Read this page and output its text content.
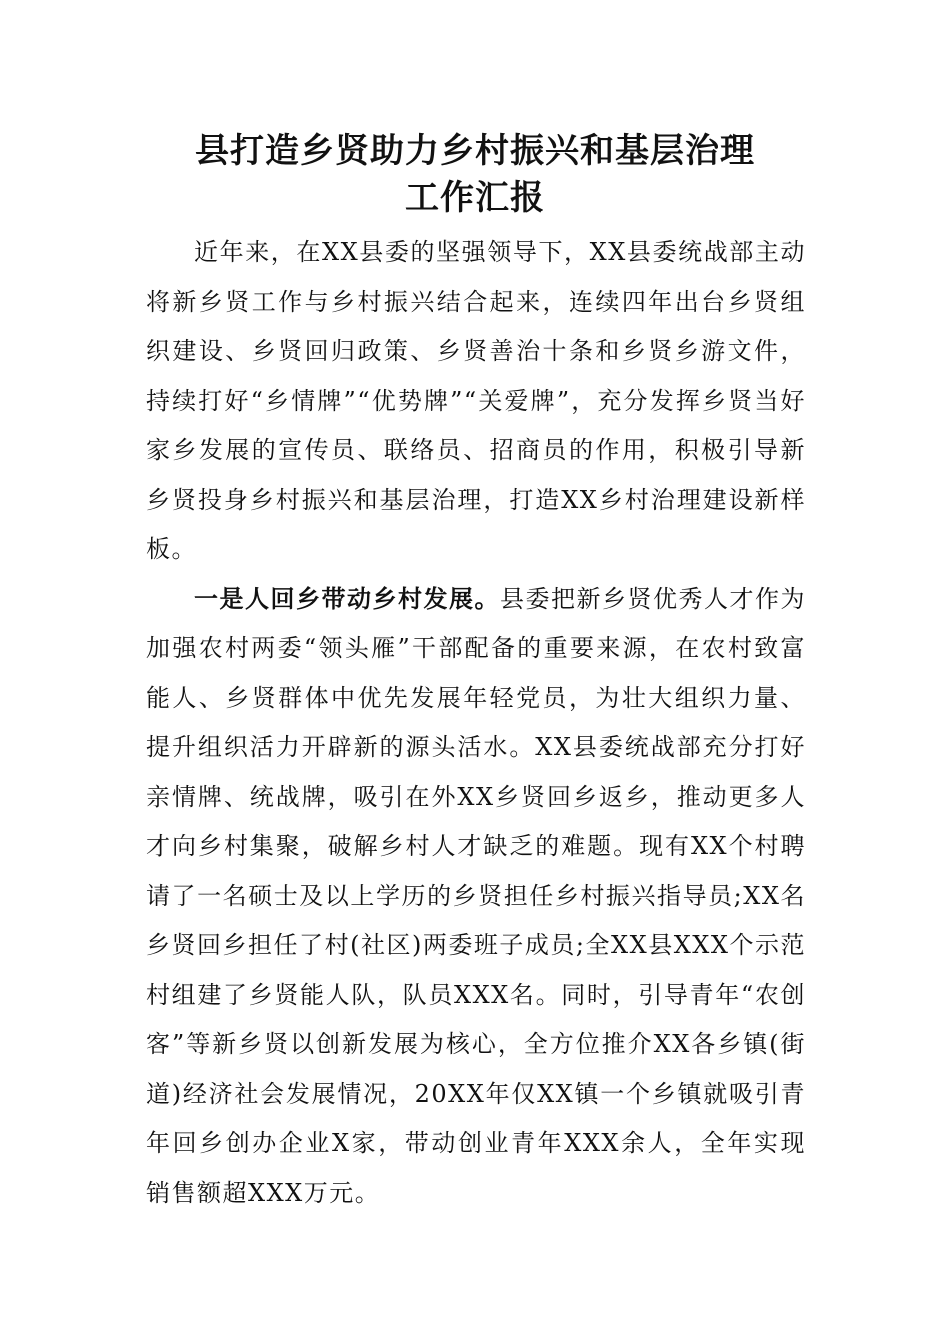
县打造乡贤助力乡村振兴和基层治理
工作汇报

近年来，在XX县委的坚强领导下，XX县委统战部主动将新乡贤工作与乡村振兴结合起来，连续四年出台乡贤组织建设、乡贤回归政策、乡贤善治十条和乡贤乡游文件，持续打好“乡情牌”“优势牌”“关爱牌”，充分发挥乡贤当好家乡发展的宣传员、联络员、招商员的作用，积极引导新乡贤投身乡村振兴和基层治理，打造XX乡村治理建设新样板。

一是人回乡带动乡村发展。县委把新乡贤优秀人才作为加强农村两委“领头雁”干部配备的重要来源，在农村致富能人、乡贤群体中优先发展年轻党员，为壮大组织力量、提升组织活力开辟新的源头活水。XX县委统战部充分打好亲情牌、统战牌，吸引在外XX乡贤回乡返乡，推动更多人才向乡村集聚，破解乡村人才缺乏的难题。现有XX个村聘请了一名硕士及以上学历的乡贤担任乡村振兴指导员;XX名乡贤回乡担任了村(社区)两委班子成员;全XX县XXX个示范村组建了乡贤能人队，队员XXX名。同时，引导青年“农创客”等新乡贤以创新发展为核心，全方位推介XX各乡镇(街道)经济社会发展情况，20XX年仅XX镇一个乡镇就吸引青年回乡创办企业X家，带动创业青年XXX余人，全年实现销售额超XXX万元。
